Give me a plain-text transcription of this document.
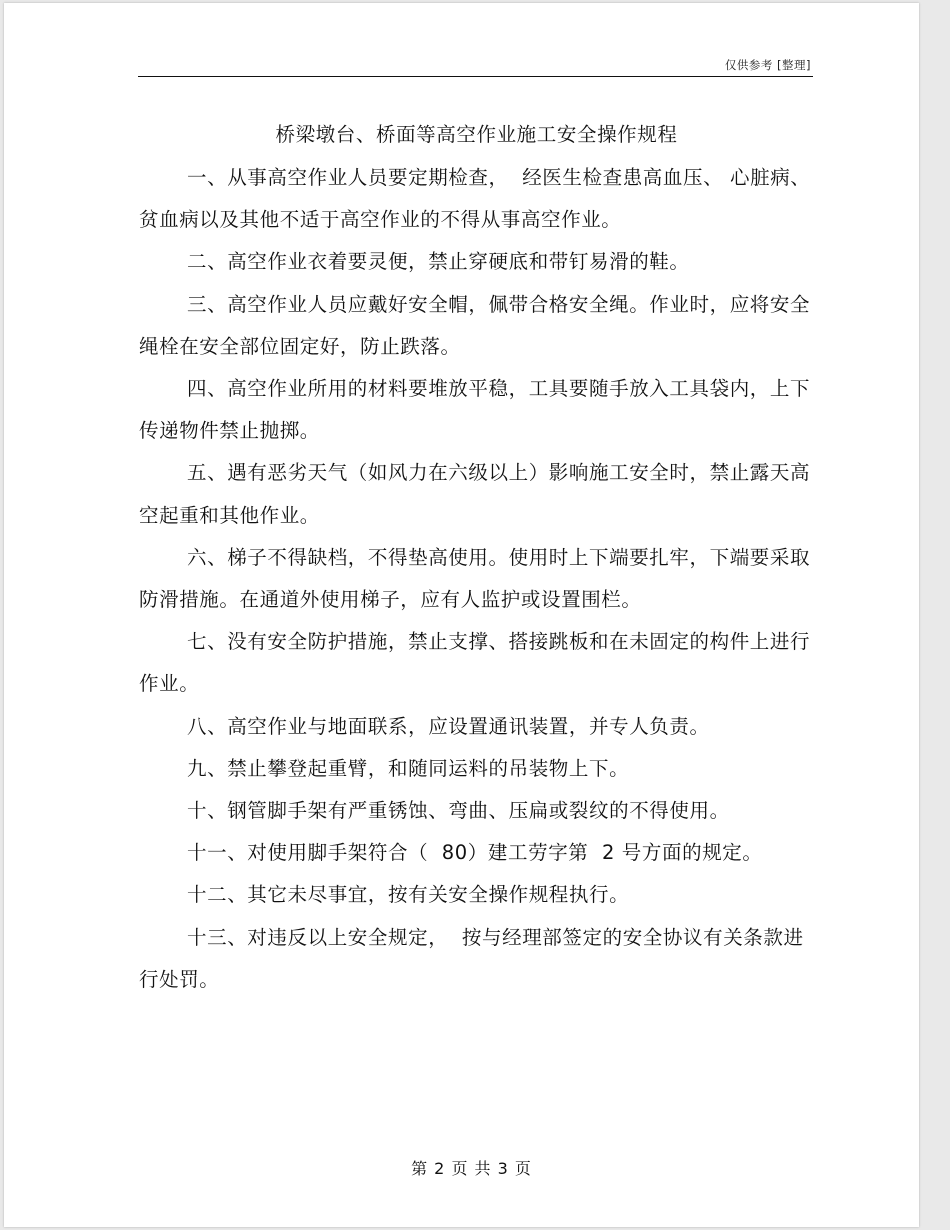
仅供参考 [整理]
桥梁墩台、桥面等高空作业施工安全操作规程

一、从事高空作业人员要定期检查，  经医生检查患高血压、 心脏病、贫血病以及其他不适于高空作业的不得从事高空作业。

二、高空作业衣着要灵便，禁止穿硬底和带钉易滑的鞋。

三、高空作业人员应戴好安全帽，佩带合格安全绳。作业时，应将安全绳栓在安全部位固定好，防止跌落。

四、高空作业所用的材料要堆放平稳，工具要随手放入工具袋内，上下传递物件禁止抛掷。

五、遇有恶劣天气（如风力在六级以上）影响施工安全时，禁止露天高空起重和其他作业。

六、梯子不得缺档，不得垫高使用。使用时上下端要扎牢，下端要采取防滑措施。在通道外使用梯子，应有人监护或设置围栏。

七、没有安全防护措施，禁止支撑、搭接跳板和在未固定的构件上进行作业。

八、高空作业与地面联系，应设置通讯装置，并专人负责。

九、禁止攀登起重臂，和随同运料的吊装物上下。

十、钢管脚手架有严重锈蚀、弯曲、压扁或裂纹的不得使用。

十一、对使用脚手架符合（  80）建工劳字第  2 号方面的规定。

十二、其它未尽事宜，按有关安全操作规程执行。

十三、对违反以上安全规定，  按与经理部签定的安全协议有关条款进行处罚。

第 2 页 共 3 页
